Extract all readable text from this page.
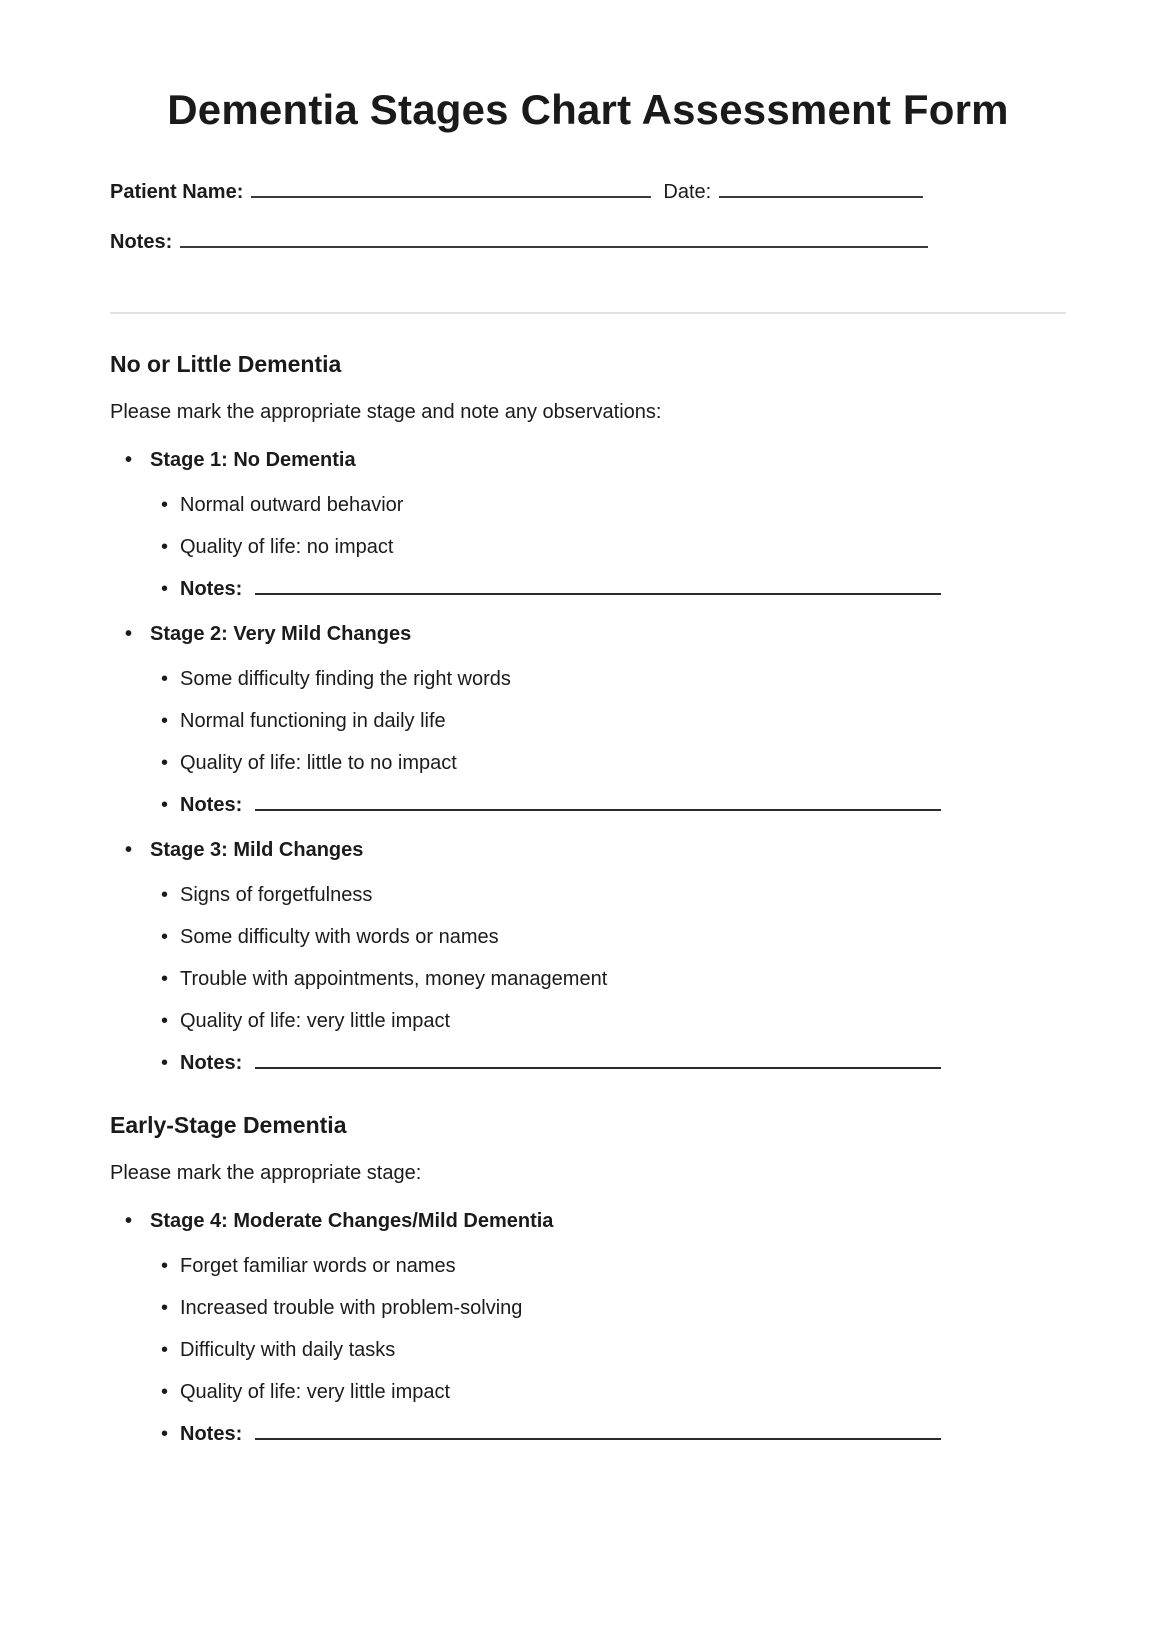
Dementia Stages Chart Assessment Form
Patient Name:	Date:
Notes:
No or Little Dementia

Please mark the appropriate stage and note any observations:

• Stage 1: No Dementia
• Normal outward behavior
• Quality of life: no impact
• Notes:
• Stage 2: Very Mild Changes
• Some difficulty finding the right words
• Normal functioning in daily life
• Quality of life: little to no impact
• Notes:
• Stage 3: Mild Changes
• Signs of forgetfulness
• Some difficulty with words or names
• Trouble with appointments, money management
• Quality of life: very little impact
• Notes:
Early-Stage Dementia

Please mark the appropriate stage:

• Stage 4: Moderate Changes/Mild Dementia
• Forget familiar words or names
• Increased trouble with problem-solving
• Difficulty with daily tasks
• Quality of life: very little impact
• Notes:
